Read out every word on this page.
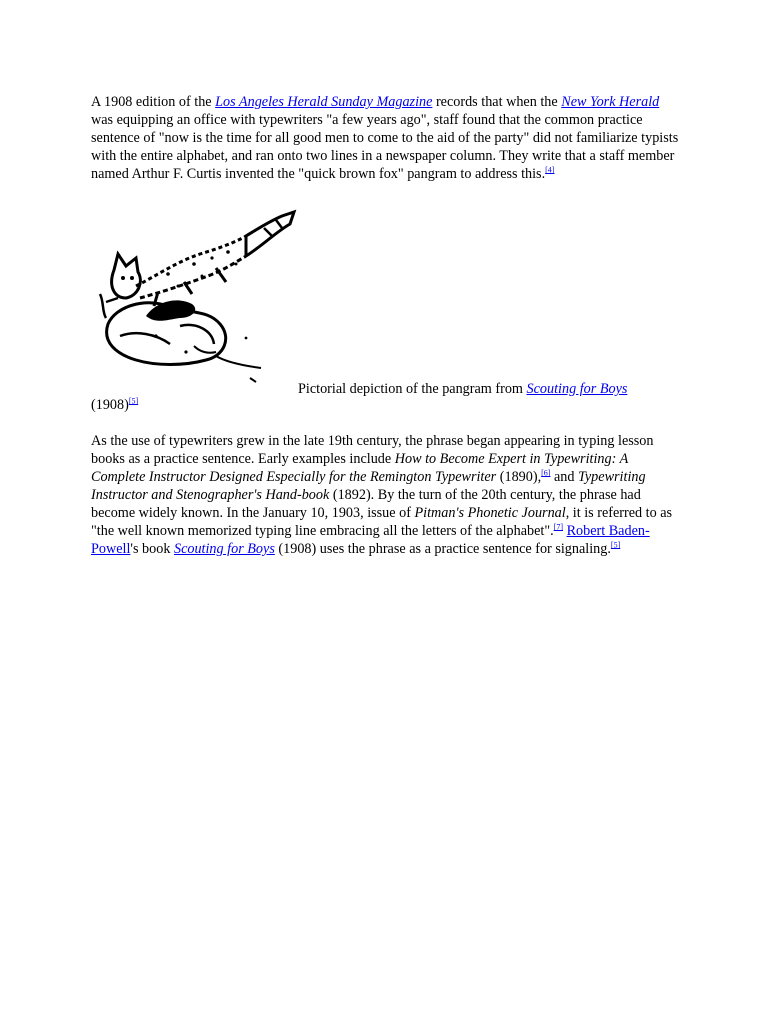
A 1908 edition of the Los Angeles Herald Sunday Magazine records that when the New York Herald was equipping an office with typewriters "a few years ago", staff found that the common practice sentence of "now is the time for all good men to come to the aid of the party" did not familiarize typists with the entire alphabet, and ran onto two lines in a newspaper column. They write that a staff member named Arthur F. Curtis invented the "quick brown fox" pangram to address this.[4]

Pictorial depiction of the pangram from Scouting for Boys

(1908)[5]

As the use of typewriters grew in the late 19th century, the phrase began appearing in typing lesson books as a practice sentence. Early examples include How to Become Expert in Typewriting: A Complete Instructor Designed Especially for the Remington Typewriter (1890),[6] and Typewriting Instructor and Stenographer's Hand-book (1892). By the turn of the 20th century, the phrase had become widely known. In the January 10, 1903, issue of Pitman's Phonetic Journal, it is referred to as "the well known memorized typing line embracing all the letters of the alphabet".[7] Robert Baden-Powell's book Scouting for Boys (1908) uses the phrase as a practice sentence for signaling.[5]
